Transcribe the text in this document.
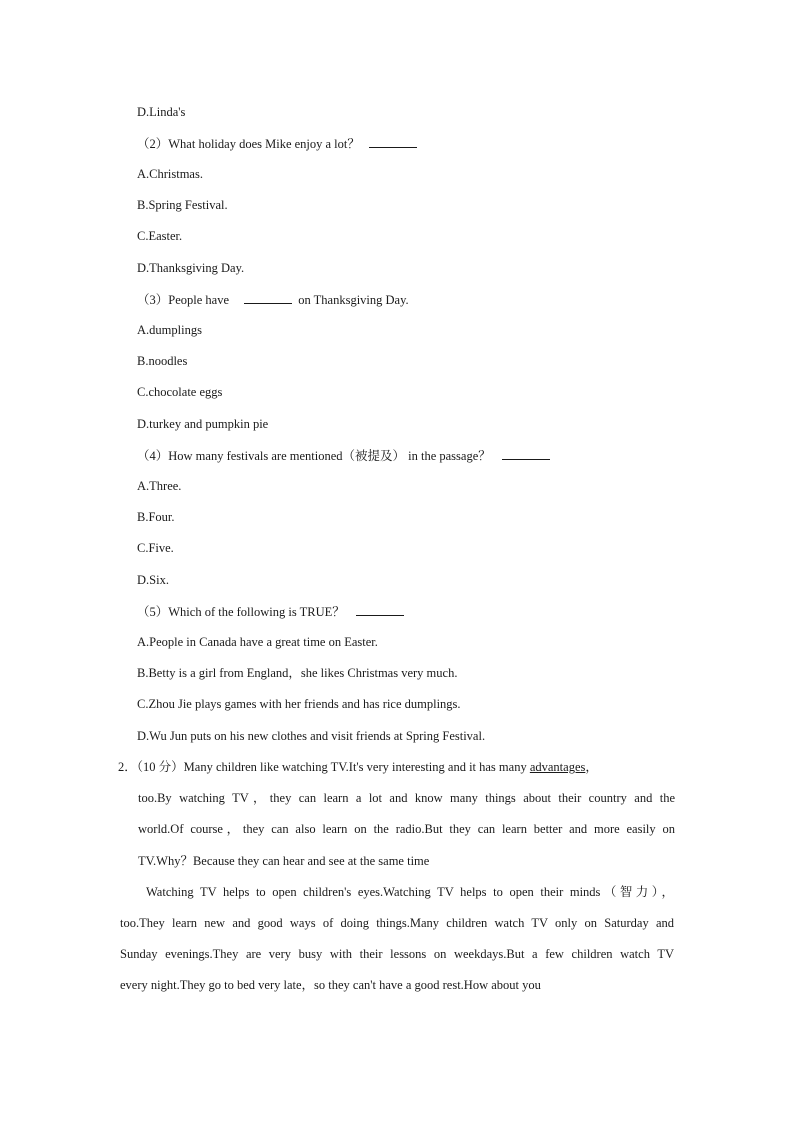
D.Linda's
（2）What holiday does Mike enjoy a lot？
A.Christmas.
B.Spring Festival.
C.Easter.
D.Thanksgiving Day.
（3）People have	on Thanksgiving Day.
A.dumplings
B.noodles
C.chocolate eggs
D.turkey and pumpkin pie
（4）How many festivals are mentioned（被提及） in the passage？
A.Three.
B.Four.
C.Five.
D.Six.
（5）Which of the following is TRUE？
A.People in Canada have a great time on Easter.
B.Betty is a girl from England，she likes Christmas very much.
C.Zhou Jie plays games with her friends and has rice dumplings.
D.Wu Jun puts on his new clothes and visit friends at Spring Festival.
2．（10 分）Many children like watching TV.It's very interesting and it has many advantages，
too.By watching TV，they can learn a lot and know many things about their country and the
world.Of course，they can also learn on the radio.But they can learn better and more easily on
TV.Why？Because they can hear and see at the same time
Watching TV helps to open children's eyes.Watching TV helps to open their minds（智力），
too.They learn new and good ways of doing things.Many children watch TV only on Saturday and
Sunday evenings.They are very busy with their lessons on weekdays.But a few children watch TV
every night.They go to bed very late，so they can't have a good rest.How about you
